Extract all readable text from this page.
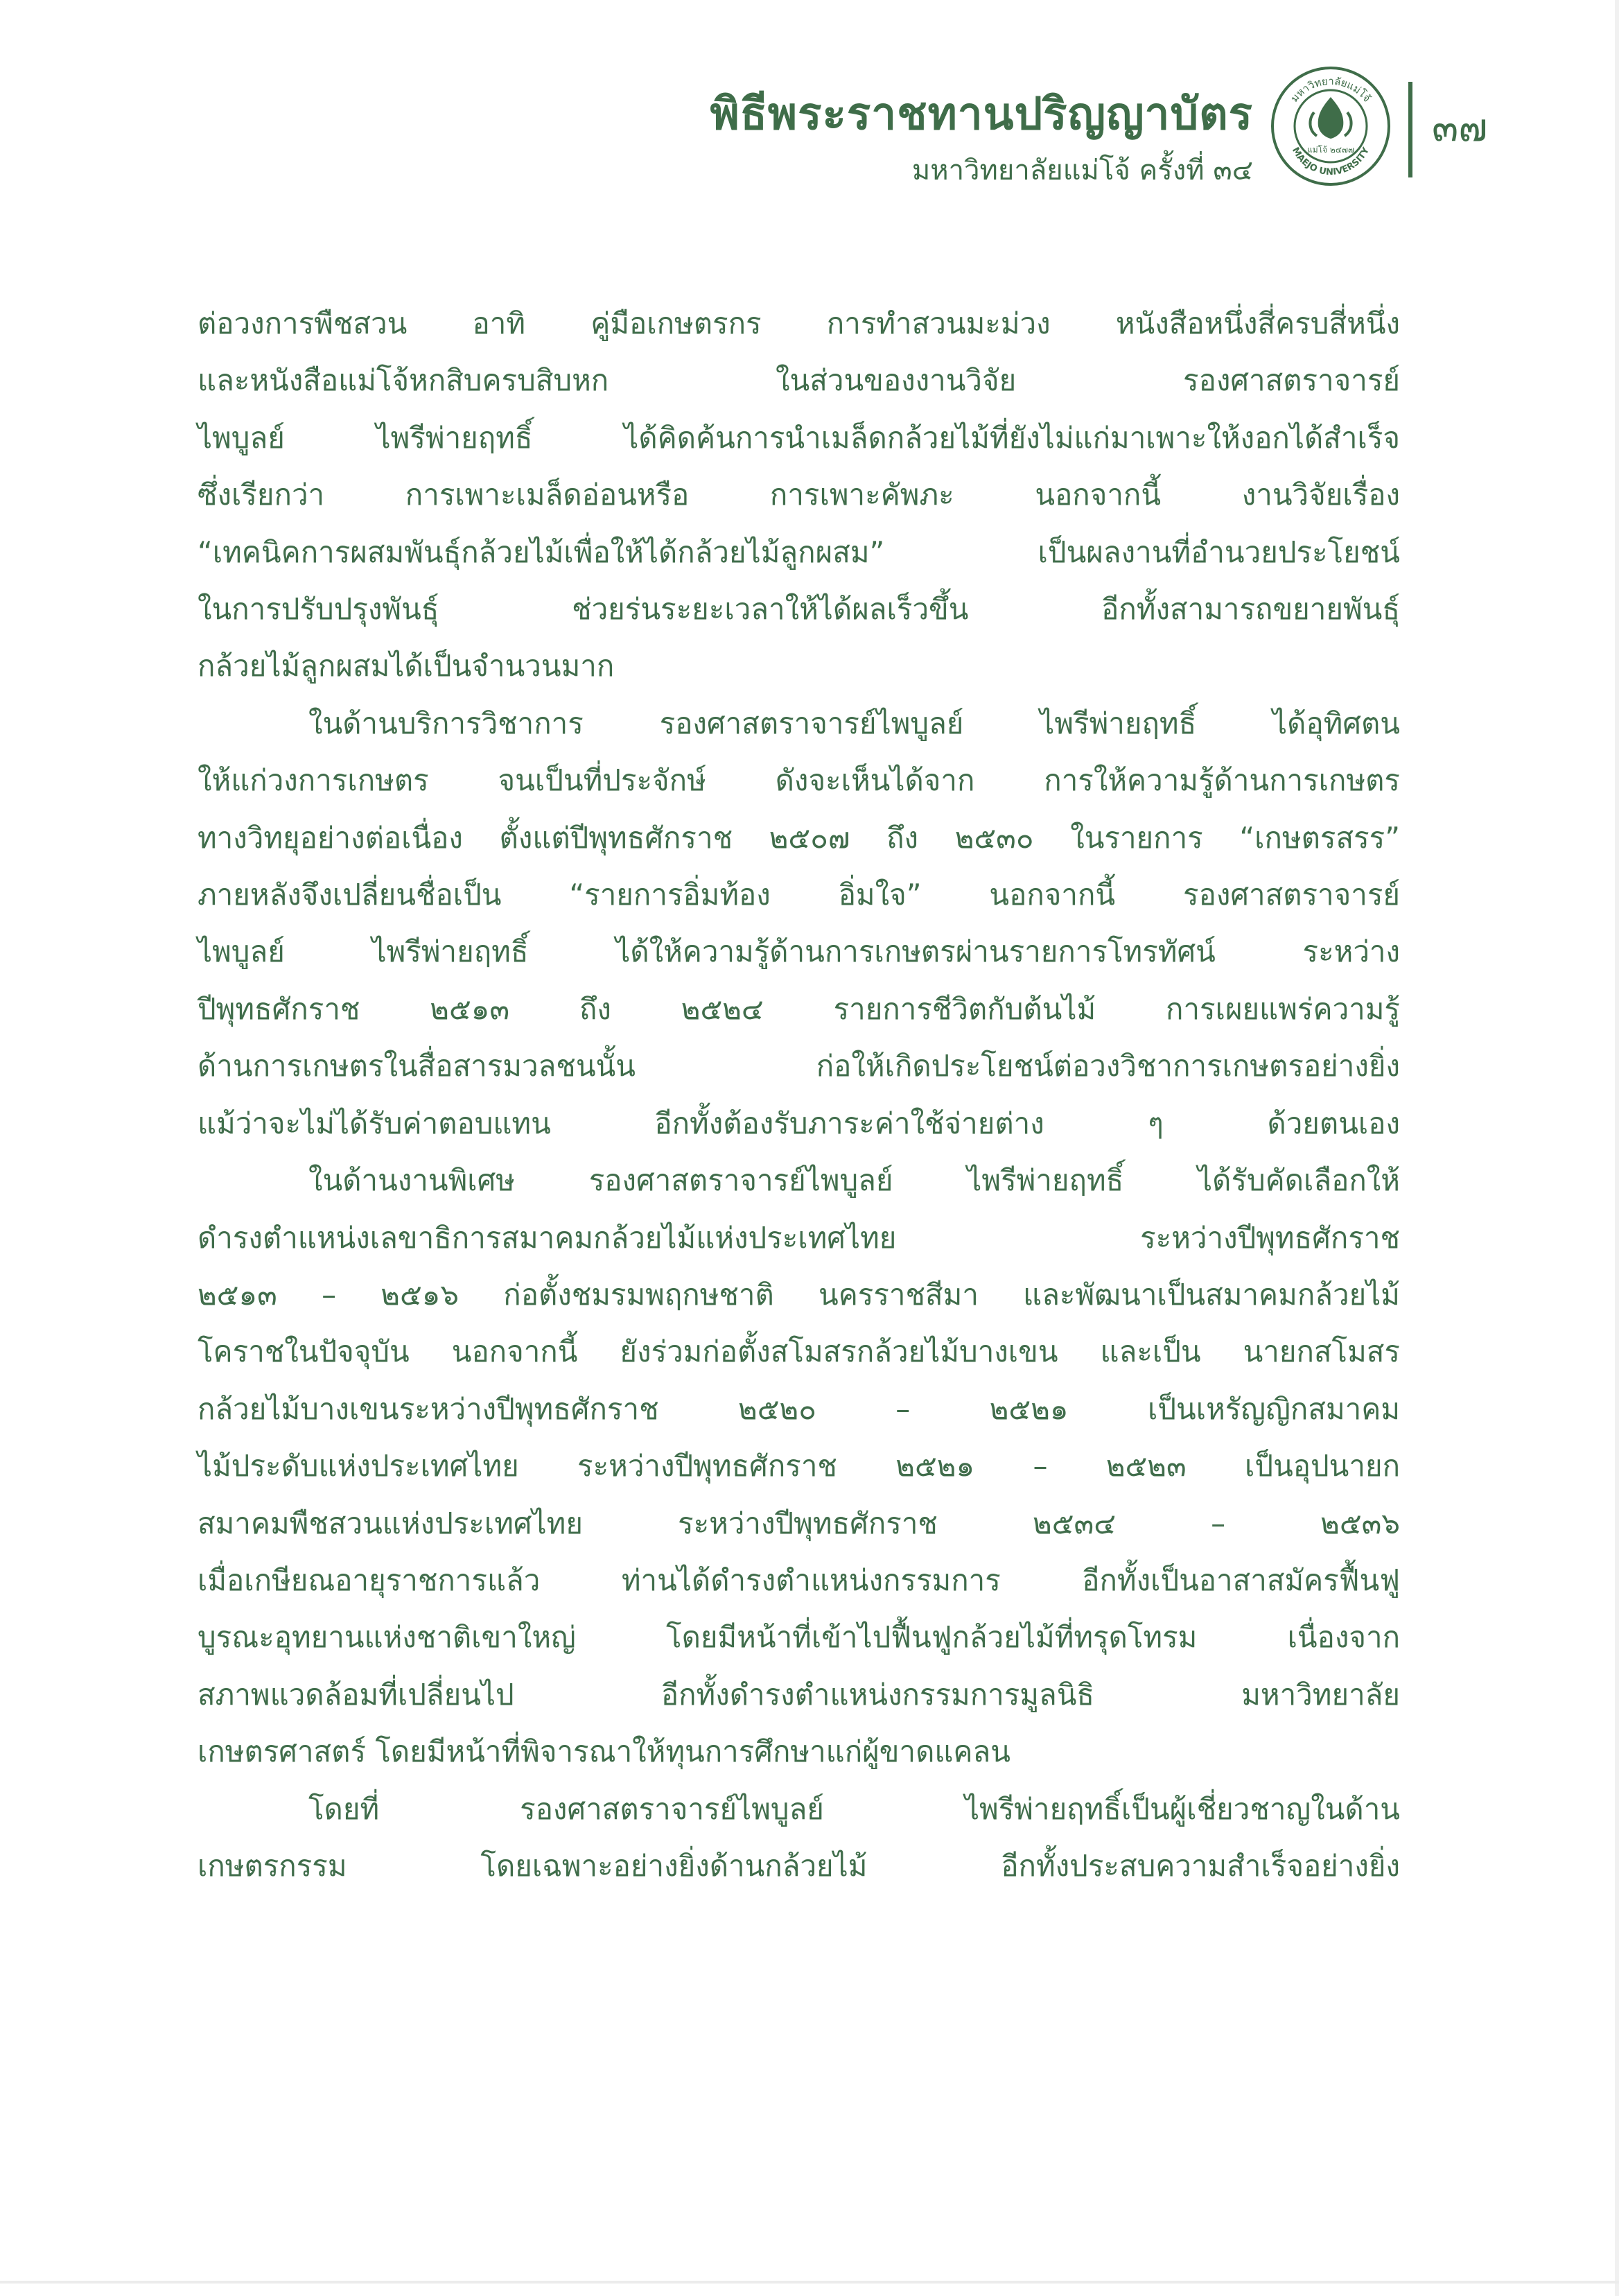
พิธีพระราชทานปริญญาบัตร
มหาวิทยาลัยแม่โจ้ ครั้งที่ ๓๔
มหาวิทยาลัยแม่โจ้
MAEJO UNIVERSITY
แม่โจ้ ๒๔๗๗ ๓๗
ต่อวงการพืชสวน อาทิ คู่มือเกษตรกร การทำสวนมะม่วง หนังสือหนึ่งสี่ครบสี่หนึ่ง
และหนังสือแม่โจ้หกสิบครบสิบหก ในส่วนของงานวิจัย รองศาสตราจารย์
ไพบูลย์ ไพรีพ่ายฤทธิ์ ได้คิดค้นการนำเมล็ดกล้วยไม้ที่ยังไม่แก่มาเพาะให้งอกได้สำเร็จ
ซึ่งเรียกว่า การเพาะเมล็ดอ่อนหรือ การเพาะคัพภะ นอกจากนี้ งานวิจัยเรื่อง
“เทคนิคการผสมพันธุ์กล้วยไม้เพื่อให้ได้กล้วยไม้ลูกผสม” เป็นผลงานที่อำนวยประโยชน์
ในการปรับปรุงพันธุ์ ช่วยร่นระยะเวลาให้ได้ผลเร็วขึ้น อีกทั้งสามารถขยายพันธุ์
กล้วยไม้ลูกผสมได้เป็นจำนวนมาก
ในด้านบริการวิชาการ รองศาสตราจารย์ไพบูลย์ ไพรีพ่ายฤทธิ์ ได้อุทิศตน
ให้แก่วงการเกษตร จนเป็นที่ประจักษ์ ดังจะเห็นได้จาก การให้ความรู้ด้านการเกษตร
ทางวิทยุอย่างต่อเนื่อง ตั้งแต่ปีพุทธศักราช ๒๕๐๗ ถึง ๒๕๓๐ ในรายการ “เกษตรสรร”
ภายหลังจึงเปลี่ยนชื่อเป็น “รายการอิ่มท้อง อิ่มใจ” นอกจากนี้ รองศาสตราจารย์
ไพบูลย์ ไพรีพ่ายฤทธิ์ ได้ให้ความรู้ด้านการเกษตรผ่านรายการโทรทัศน์ ระหว่าง
ปีพุทธศักราช ๒๕๑๓ ถึง ๒๕๒๔ รายการชีวิตกับต้นไม้ การเผยแพร่ความรู้
ด้านการเกษตรในสื่อสารมวลชนนั้น ก่อให้เกิดประโยชน์ต่อวงวิชาการเกษตรอย่างยิ่ง
แม้ว่าจะไม่ได้รับค่าตอบแทน อีกทั้งต้องรับภาระค่าใช้จ่ายต่าง ๆ ด้วยตนเอง
ในด้านงานพิเศษ รองศาสตราจารย์ไพบูลย์ ไพรีพ่ายฤทธิ์ ได้รับคัดเลือกให้
ดำรงตำแหน่งเลขาธิการสมาคมกล้วยไม้แห่งประเทศไทย ระหว่างปีพุทธศักราช
๒๕๑๓ – ๒๕๑๖ ก่อตั้งชมรมพฤกษชาติ นครราชสีมา และพัฒนาเป็นสมาคมกล้วยไม้
โคราชในปัจจุบัน นอกจากนี้ ยังร่วมก่อตั้งสโมสรกล้วยไม้บางเขน และเป็น นายกสโมสร
กล้วยไม้บางเขนระหว่างปีพุทธศักราช ๒๕๒๐ – ๒๕๒๑ เป็นเหรัญญิกสมาคม
ไม้ประดับแห่งประเทศไทย ระหว่างปีพุทธศักราช ๒๕๒๑ – ๒๕๒๓ เป็นอุปนายก
สมาคมพืชสวนแห่งประเทศไทย ระหว่างปีพุทธศักราช ๒๕๓๔ – ๒๕๓๖
เมื่อเกษียณอายุราชการแล้ว ท่านได้ดำรงตำแหน่งกรรมการ อีกทั้งเป็นอาสาสมัครฟื้นฟู
บูรณะอุทยานแห่งชาติเขาใหญ่ โดยมีหน้าที่เข้าไปฟื้นฟูกล้วยไม้ที่ทรุดโทรม เนื่องจาก
สภาพแวดล้อมที่เปลี่ยนไป อีกทั้งดำรงตำแหน่งกรรมการมูลนิธิ มหาวิทยาลัย
เกษตรศาสตร์ โดยมีหน้าที่พิจารณาให้ทุนการศึกษาแก่ผู้ขาดแคลน
โดยที่ รองศาสตราจารย์ไพบูลย์ ไพรีพ่ายฤทธิ์เป็นผู้เชี่ยวชาญในด้าน
เกษตรกรรม โดยเฉพาะอย่างยิ่งด้านกล้วยไม้ อีกทั้งประสบความสำเร็จอย่างยิ่ง
